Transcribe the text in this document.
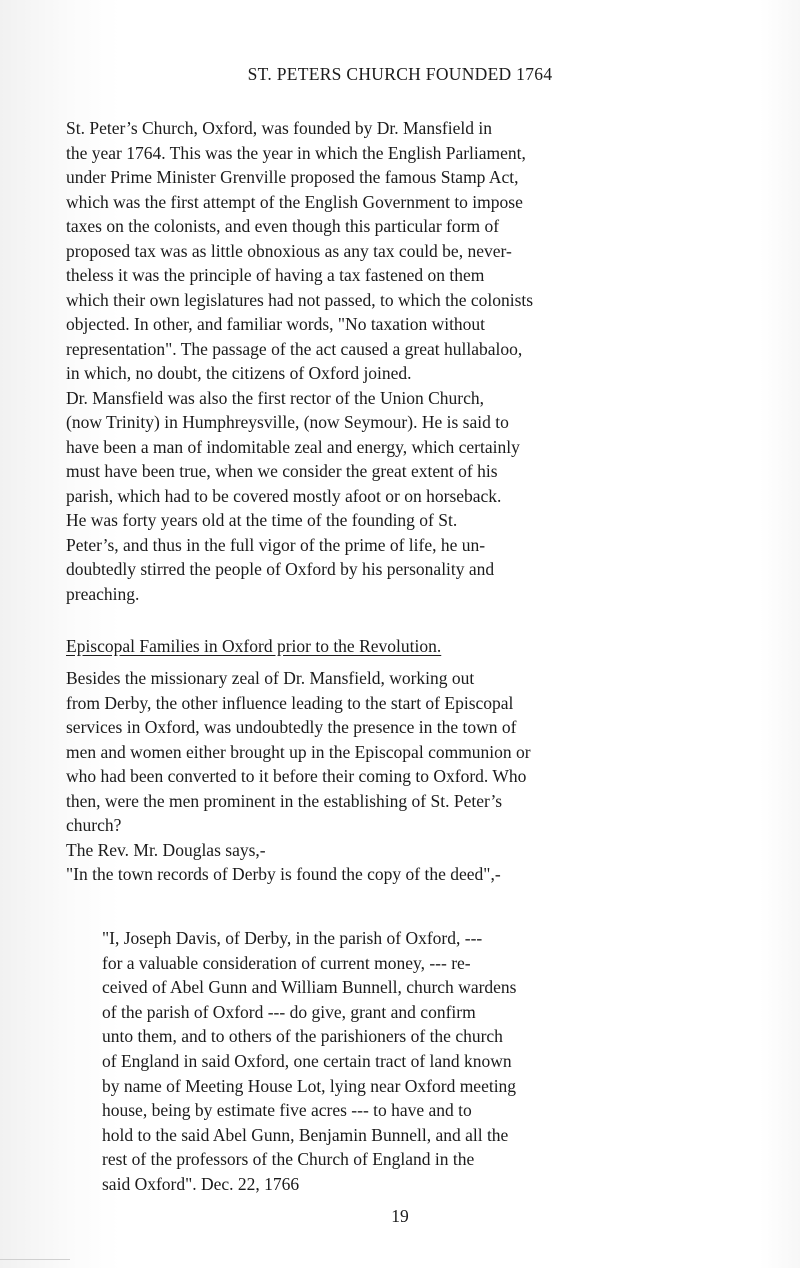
ST. PETERS CHURCH FOUNDED 1764
St. Peter’s Church, Oxford, was founded by Dr. Mansfield in
the year 1764. This was the year in which the English Parliament,
under Prime Minister Grenville proposed the famous Stamp Act,
which was the first attempt of the English Government to impose
taxes on the colonists, and even though this particular form of
proposed tax was as little obnoxious as any tax could be, never-
theless it was the principle of having a tax fastened on them
which their own legislatures had not passed, to which the colonists
objected. In other, and familiar words, "No taxation without
representation". The passage of the act caused a great hullabaloo,
in which, no doubt, the citizens of Oxford joined.
Dr. Mansfield was also the first rector of the Union Church,
(now Trinity) in Humphreysville, (now Seymour). He is said to
have been a man of indomitable zeal and energy, which certainly
must have been true, when we consider the great extent of his
parish, which had to be covered mostly afoot or on horseback.
He was forty years old at the time of the founding of St.
Peter’s, and thus in the full vigor of the prime of life, he un-
doubtedly stirred the people of Oxford by his personality and
preaching.
Episcopal Families in Oxford prior to the Revolution.
Besides the missionary zeal of Dr. Mansfield, working out
from Derby, the other influence leading to the start of Episcopal
services in Oxford, was undoubtedly the presence in the town of
men and women either brought up in the Episcopal communion or
who had been converted to it before their coming to Oxford. Who
then, were the men prominent in the establishing of St. Peter’s
church?
The Rev. Mr. Douglas says,-
"In the town records of Derby is found the copy of the deed",-
"I, Joseph Davis, of Derby, in the parish of Oxford, ---
for a valuable consideration of current money, --- re-
ceived of Abel Gunn and William Bunnell, church wardens
of the parish of Oxford --- do give, grant and confirm
unto them, and to others of the parishioners of the church
of England in said Oxford, one certain tract of land known
by name of Meeting House Lot, lying near Oxford meeting
house, being by estimate five acres --- to have and to
hold to the said Abel Gunn, Benjamin Bunnell, and all the
rest of the professors of the Church of England in the
said Oxford". Dec. 22, 1766
19
